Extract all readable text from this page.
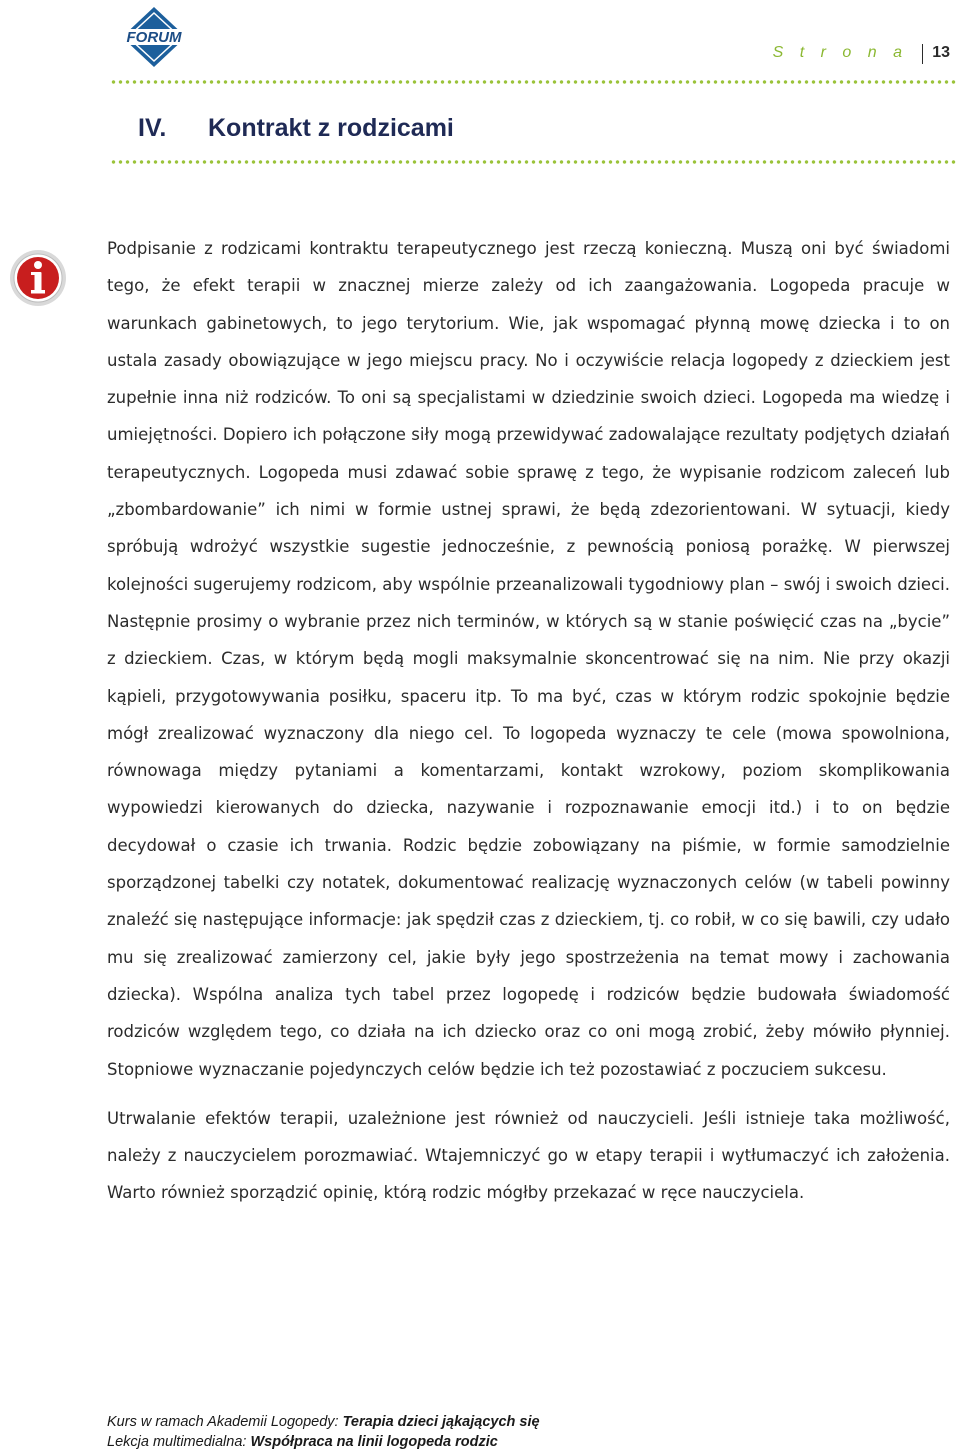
FORUM
S t r o n a 13
IV. Kontrakt z rodzicami

Podpisanie z rodzicami kontraktu terapeutycznego jest rzeczą konieczną. Muszą oni być świadomi tego, że efekt terapii w znacznej mierze zależy od ich zaangażowania. Logopeda pracuje w warunkach gabinetowych, to jego terytorium. Wie, jak wspomagać płynną mowę dziecka i to on ustala zasady obowiązujące w jego miejscu pracy. No i oczywiście relacja logopedy z dzieckiem jest zupełnie inna niż rodziców. To oni są specjalistami w dziedzinie swoich dzieci. Logopeda ma wiedzę i umiejętności. Dopiero ich połączone siły mogą przewidywać zadowalające rezultaty podjętych działań terapeutycznych. Logopeda musi zdawać sobie sprawę z tego, że wypisanie rodzicom zaleceń lub „zbombardowanie” ich nimi w formie ustnej sprawi, że będą zdezorientowani. W sytuacji, kiedy spróbują wdrożyć wszystkie sugestie jednocześnie, z pewnością poniosą porażkę. W pierwszej kolejności sugerujemy rodzicom, aby wspólnie przeanalizowali tygodniowy plan – swój i swoich dzieci. Następnie prosimy o wybranie przez nich terminów, w których są w stanie poświęcić czas na „bycie” z dzieckiem. Czas, w którym będą mogli maksymalnie skoncentrować się na nim. Nie przy okazji kąpieli, przygotowywania posiłku, spaceru itp. To ma być, czas w którym rodzic spokojnie będzie mógł zrealizować wyznaczony dla niego cel. To logopeda wyznaczy te cele (mowa spowolniona, równowaga między pytaniami a komentarzami, kontakt wzrokowy, poziom skomplikowania wypowiedzi kierowanych do dziecka, nazywanie i rozpoznawanie emocji itd.) i to on będzie decydował o czasie ich trwania. Rodzic będzie zobowiązany na piśmie, w formie samodzielnie sporządzonej tabelki czy notatek, dokumentować realizację wyznaczonych celów (w tabeli powinny znaleźć się następujące informacje: jak spędził czas z dzieckiem, tj. co robił, w co się bawili, czy udało mu się zrealizować zamierzony cel, jakie były jego spostrzeżenia na temat mowy i zachowania dziecka). Wspólna analiza tych tabel przez logopedę i rodziców będzie budowała świadomość rodziców względem tego, co działa na ich dziecko oraz co oni mogą zrobić, żeby mówiło płynniej. Stopniowe wyznaczanie pojedynczych celów będzie ich też pozostawiać z poczuciem sukcesu.

Utrwalanie efektów terapii, uzależnione jest również od nauczycieli. Jeśli istnieje taka możliwość, należy z nauczycielem porozmawiać. Wtajemniczyć go w etapy terapii i wytłumaczyć ich założenia. Warto również sporządzić opinię, którą rodzic mógłby przekazać w ręce nauczyciela.

Kurs w ramach Akademii Logopedy: Terapia dzieci jąkających się
Lekcja multimedialna: Współpraca na linii logopeda rodzic
